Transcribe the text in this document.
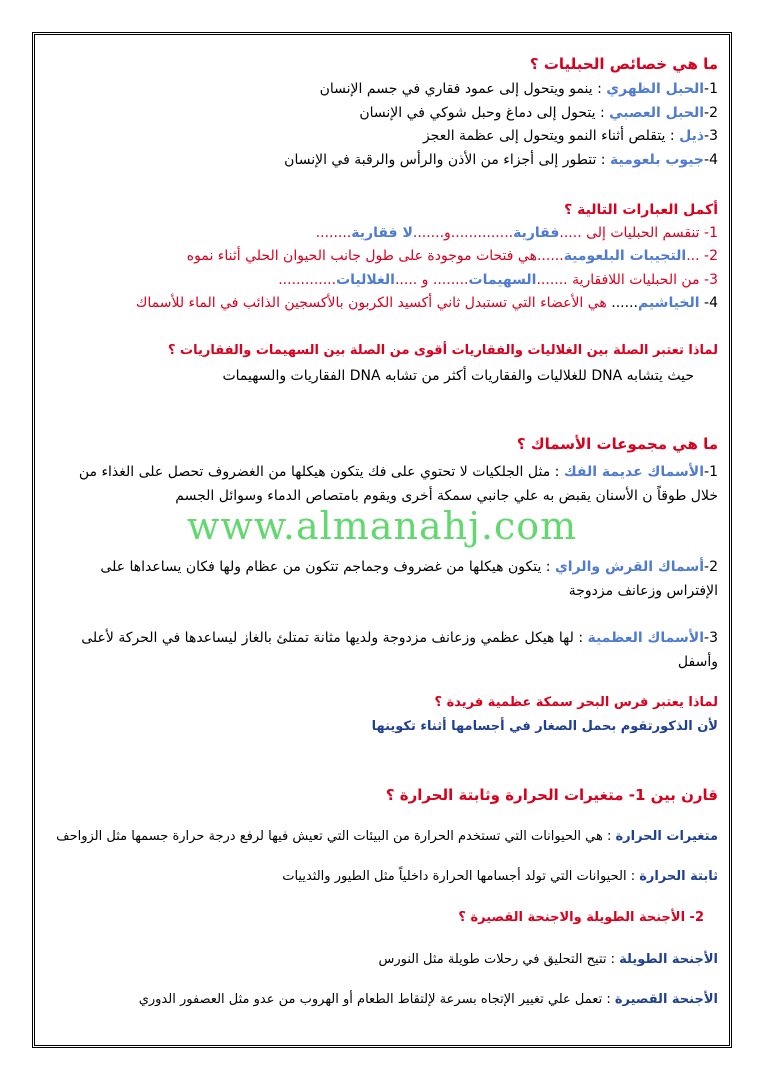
ما هي خصائص الحبليات ؟
1-الحبل الظهري : ينمو ويتحول إلى عمود فقاري في جسم الإنسان
2-الحبل العصبي : يتحول إلى دماغ وحبل شوكي في الإنسان
3-ذيل : يتقلص أثناء النمو ويتحول إلى عظمة العجز
4-جيوب بلعومية : تتطور إلى أجزاء من الأذن والرأس والرقبة في الإنسان
أكمل العبارات التالية ؟
1- تنقسم الحبليات إلى .....فقارية..............و.......لا فقارية........
2- ...التجيبات البلعومية......هي فتحات موجودة على طول جانب الحيوان الحلي أثناء نموه
3- من الحبليات اللافقارية .......السهيمات........ و .....الغلاليات.............
4- الخياشيم...... هي الأعضاء التي تستبدل ثاني أكسيد الكربون بالأكسجين الذائب في الماء للأسماك
لماذا تعتبر الصلة بين الغلاليات والفقاريات أقوى من الصلة بين السهيمات والفقاريات ؟
حيث يتشابه DNA للغلاليات والفقاريات أكثر من تشابه DNA الفقاريات والسهيمات
ما هي مجموعات الأسماك ؟
1-الأسماك عديمة الفك : مثل الجلكيات لا تحتوي على فك يتكون هيكلها من الغضروف تحصل على الغذاء من خلال طوقاً ن الأسنان يقبض به علي جانبي سمكة أخرى ويقوم بامتصاص الدماء وسوائل الجسم
2-أسماك القرش والراي : يتكون هيكلها من غضروف وجماجم تتكون من عظام ولها فكان يساعداها على الإفتراس وزعانف مزدوجة
3-الأسماك العظمية : لها هيكل عظمي وزعانف مزدوجة ولديها مثانة تمتلئ بالغاز ليساعدها في الحركة لأعلى وأسفل
لماذا يعتبر فرس البحر سمكة عظمية فريدة ؟
لأن الذكورتقوم بحمل الصغار في أجسامها أثناء تكوينها
قارن بين 1- متغيرات الحرارة وثابتة الحرارة ؟
متغيرات الحرارة : هي الحيوانات التي تستخدم الحرارة من البيئات التي تعيش فيها لرفع درجة حرارة جسمها مثل الزواحف
ثابتة الحرارة : الحيوانات التي تولد أجسامها الحرارة داخلياً مثل الطيور والثدييات
2- الأجنحة الطويلة والاجنحة القصيرة ؟
الأجنحة الطويلة : تتيح التحليق في رحلات طويلة مثل النورس
الأجنحة القصيرة : تعمل علي تغيير الإتجاه بسرعة لإلتقاط الطعام أو الهروب من عدو مثل العصفور الدوري
www.almanahj.com
